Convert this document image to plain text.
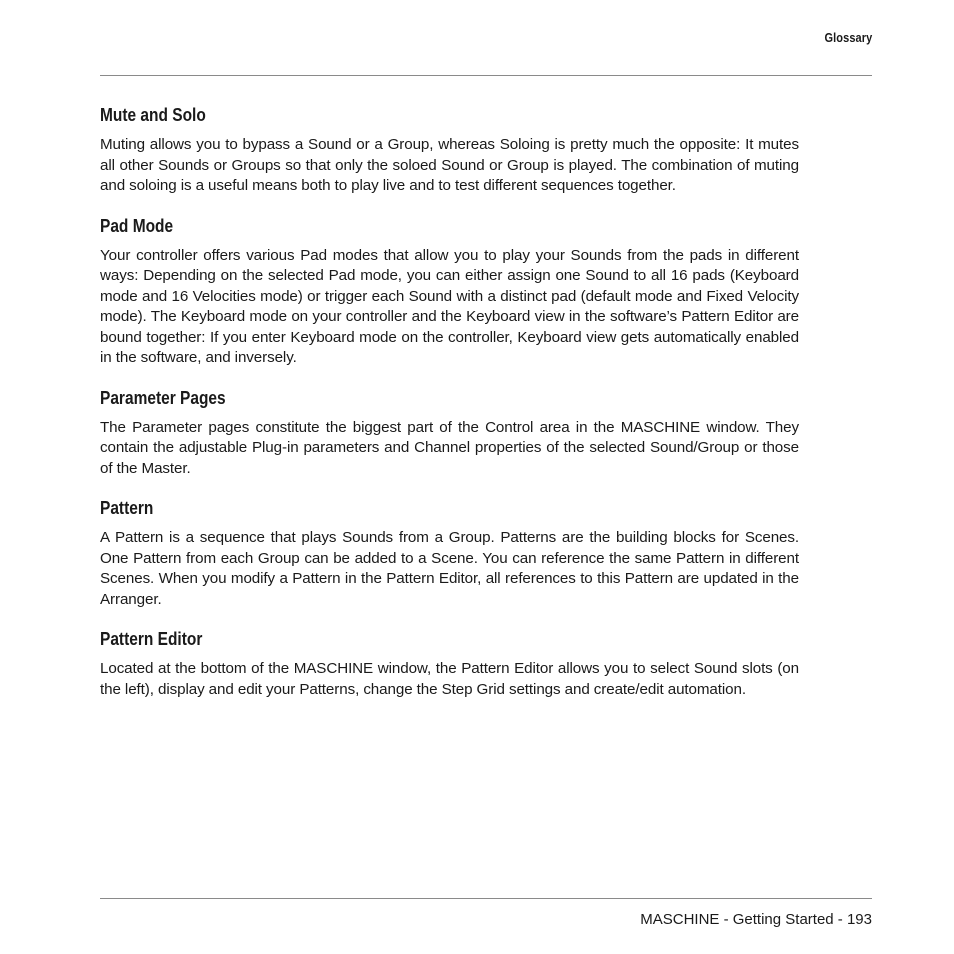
Glossary
Mute and Solo

Muting allows you to bypass a Sound or a Group, whereas Soloing is pretty much the opposite: It mutes all other Sounds or Groups so that only the soloed Sound or Group is played. The combination of muting and soloing is a useful means both to play live and to test different sequences together.

Pad Mode

Your controller offers various Pad modes that allow you to play your Sounds from the pads in different ways: Depending on the selected Pad mode, you can either assign one Sound to all 16 pads (Keyboard mode and 16 Velocities mode) or trigger each Sound with a distinct pad (default mode and Fixed Velocity mode). The Keyboard mode on your controller and the Keyboard view in the software’s Pattern Editor are bound together: If you enter Keyboard mode on the controller, Keyboard view gets automatically enabled in the software, and inversely.

Parameter Pages

The Parameter pages constitute the biggest part of the Control area in the MASCHINE window. They contain the adjustable Plug-in parameters and Channel properties of the selected Sound/​Group or those of the Master.

Pattern

A Pattern is a sequence that plays Sounds from a Group. Patterns are the building blocks for Scenes. One Pattern from each Group can be added to a Scene. You can reference the same Pattern in different Scenes. When you modify a Pattern in the Pattern Editor, all references to this Pattern are updated in the Arranger.

Pattern Editor

Located at the bottom of the MASCHINE window, the Pattern Editor allows you to select Sound slots (on the left), display and edit your Patterns, change the Step Grid settings and create/edit automation.

MASCHINE - Getting Started - 193
